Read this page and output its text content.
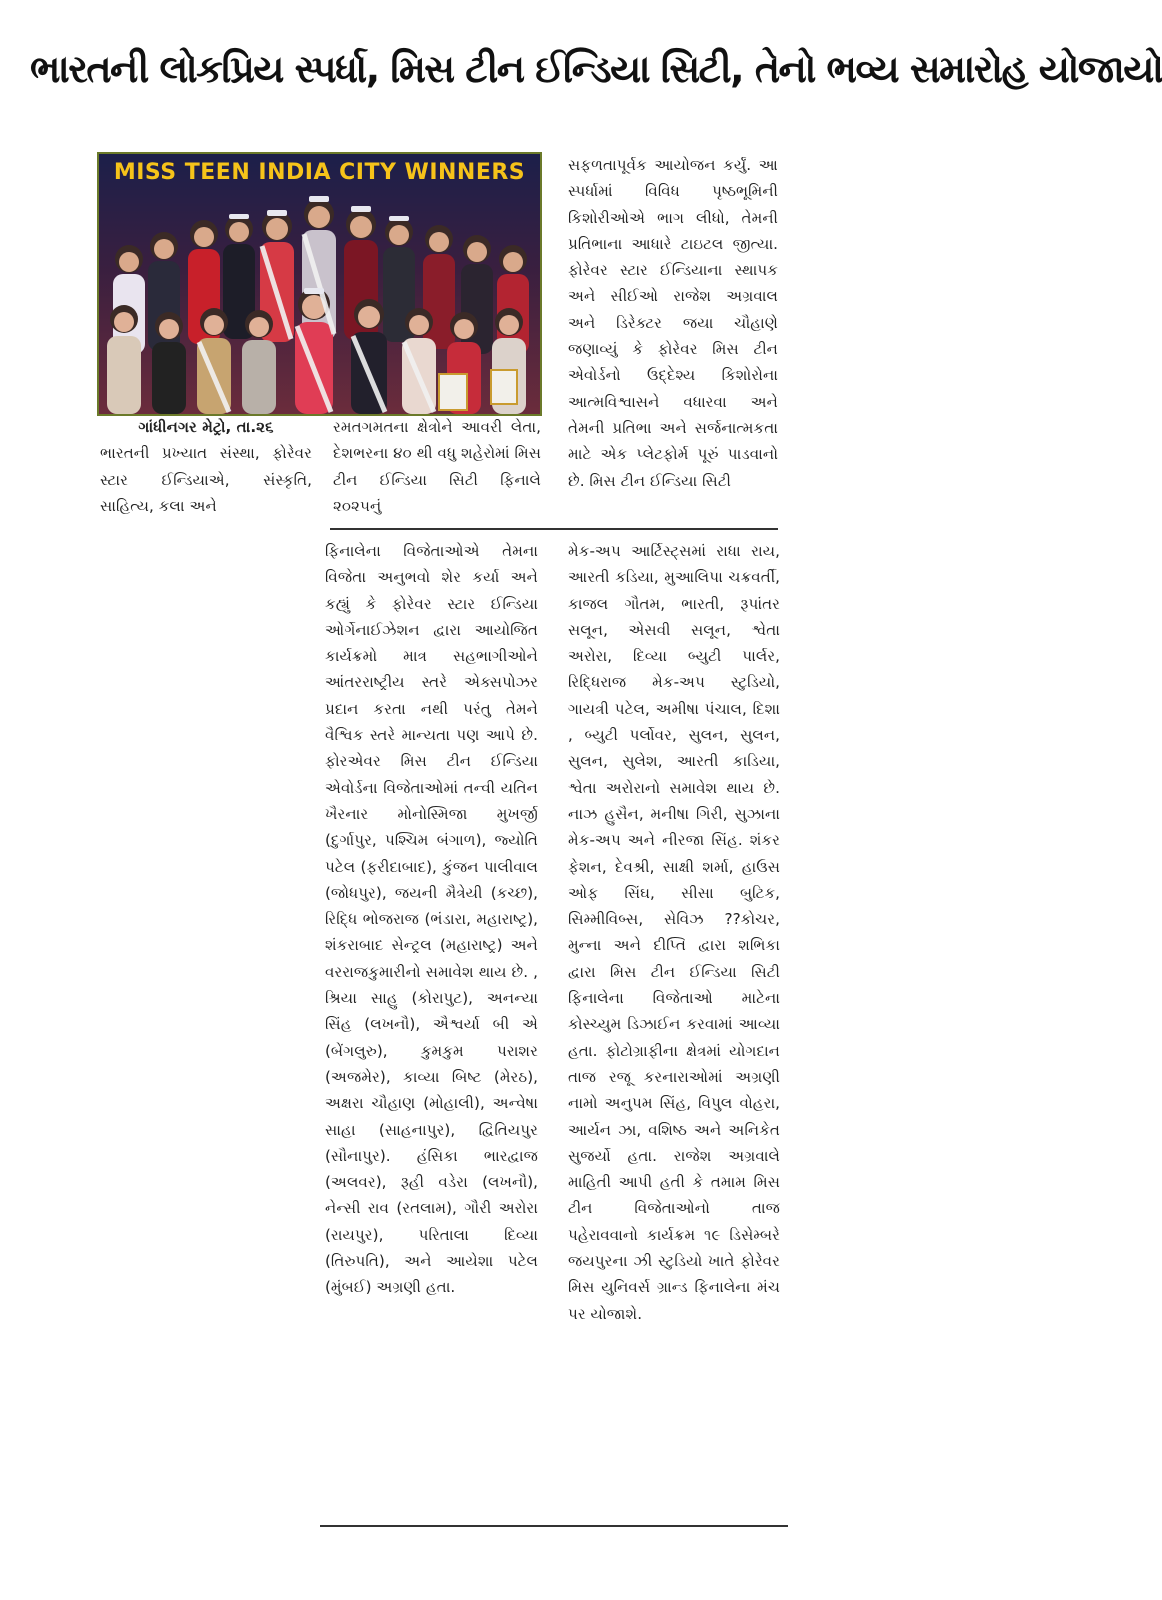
ભારતની લોકપ્રિય સ્પર્ધા, મિસ ટીન ઈન્ડિયા સિટી, તેનો ભવ્ય સમારોહ યોજાયો
MISS TEEN INDIA CITY WINNERS

ગાંધીનગર મેટ્રો, તા.૨૬
ભારતની પ્રખ્યાત સંસ્થા, ફોરેવર સ્ટાર ઈન્ડિયાએ, સંસ્કૃતિ, સાહિત્ય, કલા અને

રમતગમતના ક્ષેત્રોને આવરી લેતા, દેશભરના ૪૦ થી વધુ શહેરોમાં મિસ ટીન ઈન્ડિયા સિટી ફિનાલે ૨૦૨૫નું

સફળતાપૂર્વક આયોજન કર્યું. આ સ્પર્ધામાં વિવિધ પૃષ્ઠભૂમિની કિશોરીઓએ ભાગ લીધો, તેમની પ્રતિભાના આધારે ટાઇટલ જીત્યા. ફોરેવર સ્ટાર ઈન્ડિયાના સ્થાપક અને સીઈઓ રાજેશ અગ્રવાલ અને ડિરેક્ટર જયા ચૌહાણે જણાવ્યું કે ફોરેવર મિસ ટીન એવોર્ડનો ઉદ્દેશ્ય કિશોરોના આત્મવિશ્વાસને વધારવા અને તેમની પ્રતિભા અને સર્જનાત્મકતા માટે એક પ્લેટફોર્મ પૂરું પાડવાનો છે. મિસ ટીન ઈન્ડિયા સિટી

ફિનાલેના વિજેતાઓએ તેમના વિજેતા અનુભવો શેર કર્યા અને કહ્યું કે ફોરેવર સ્ટાર ઈન્ડિયા ઓર્ગેનાઈઝેશન દ્વારા આયોજિત કાર્યક્રમો માત્ર સહભાગીઓને આંતરરાષ્ટ્રીય સ્તરે એક્સપોઝર પ્રદાન કરતા નથી પરંતુ તેમને વૈશ્વિક સ્તરે માન્યતા પણ આપે છે. ફોરએવર મિસ ટીન ઈન્ડિયા એવોર્ડના વિજેતાઓમાં તન્વી યતિન ખૈરનાર મોનોસ્મિજા મુખર્જી (દુર્ગાપુર, પશ્ચિમ બંગાળ), જ્યોતિ પટેલ (ફરીદાબાદ), કુંજન પાલીવાલ (જોધપુર), જયની મૈત્રેયી (કચ્છ), રિદ્ધિ ભોજરાજ (ભંડારા, મહારાષ્ટ્ર), શંકરાબાદ સેન્ટ્રલ (મહારાષ્ટ્ર) અને વરરાજકુમારીનો સમાવેશ થાય છે. , શ્રિયા સાહુ (કોરાપુટ), અનન્યા સિંહ (લખનૌ), ઐશ્વર્યા બી એ (બેંગલુરુ), કુમકુમ પરાશર (અજમેર), કાવ્યા બિષ્ટ (મેરઠ), અક્ષરા ચૌહાણ (મોહાલી), અન્વેષા સાહા (સાહનાપુર), દ્વિતિયપુર (સૌનાપુર). હંસિકા ભારદ્વાજ (અલવર), રૂહી વડેરા (લખનૌ), નેન્સી રાવ (રતલામ), ગૌરી અરોરા (રાયપુર), પરિતાલા દિવ્યા (તિરુપતિ), અને આયેશા પટેલ (મુંબઈ) અગ્રણી હતા.

મેક-અપ આર્ટિસ્ટ્સમાં રાધા રાય, આરતી કડિયા, મુઆલિપા ચક્રવર્તી, કાજલ ગૌતમ, ભારતી, રૂપાંતર સલૂન, એસવી સલૂન, શ્વેતા અરોરા, દિવ્યા બ્યુટી પાર્લર, રિદ્ધિરાજ મેક-અપ સ્ટુડિયો, ગાયત્રી પટેલ, અમીષા પંચાલ, દિશા , બ્યુટી પર્લોવર, સુલન, સુલન, સુલન, સુલેશ, આરતી કાડિયા, શ્વેતા અરોરાનો સમાવેશ થાય છે. નાઝ હુસૈન, મનીષા ગિરી, સુઝાના મેક-અપ અને નીરજા સિંહ. શંકર ફેશન, દેવશ્રી, સાક્ષી શર્મા, હાઉસ ઓફ સિંઘ, સીસા બુટિક, સિમ્મીવિબ્સ, સેવિઝ ??કોચર, મુન્ના અને દીપ્તિ દ્વારા શભિકા દ્વારા મિસ ટીન ઈન્ડિયા સિટી ફિનાલેના વિજેતાઓ માટેના કોસ્ચ્યુમ ડિઝાઈન કરવામાં આવ્યા હતા. ફોટોગ્રાફીના ક્ષેત્રમાં યોગદાન તાજ રજૂ કરનારાઓમાં અગ્રણી નામો અનુપમ સિંહ, વિપુલ વોહરા, આર્યન ઝા, વશિષ્ઠ અને અનિકેત સુજર્યો હતા. રાજેશ અગ્રવાલે માહિતી આપી હતી કે તમામ મિસ ટીન વિજેતાઓનો તાજ પહેરાવવાનો કાર્યક્રમ ૧૯ ડિસેમ્બરે જયપુરના ઝી સ્ટુડિયો ખાતે ફોરેવર મિસ યુનિવર્સ ગ્રાન્ડ ફિનાલેના મંચ પર યોજાશે.
